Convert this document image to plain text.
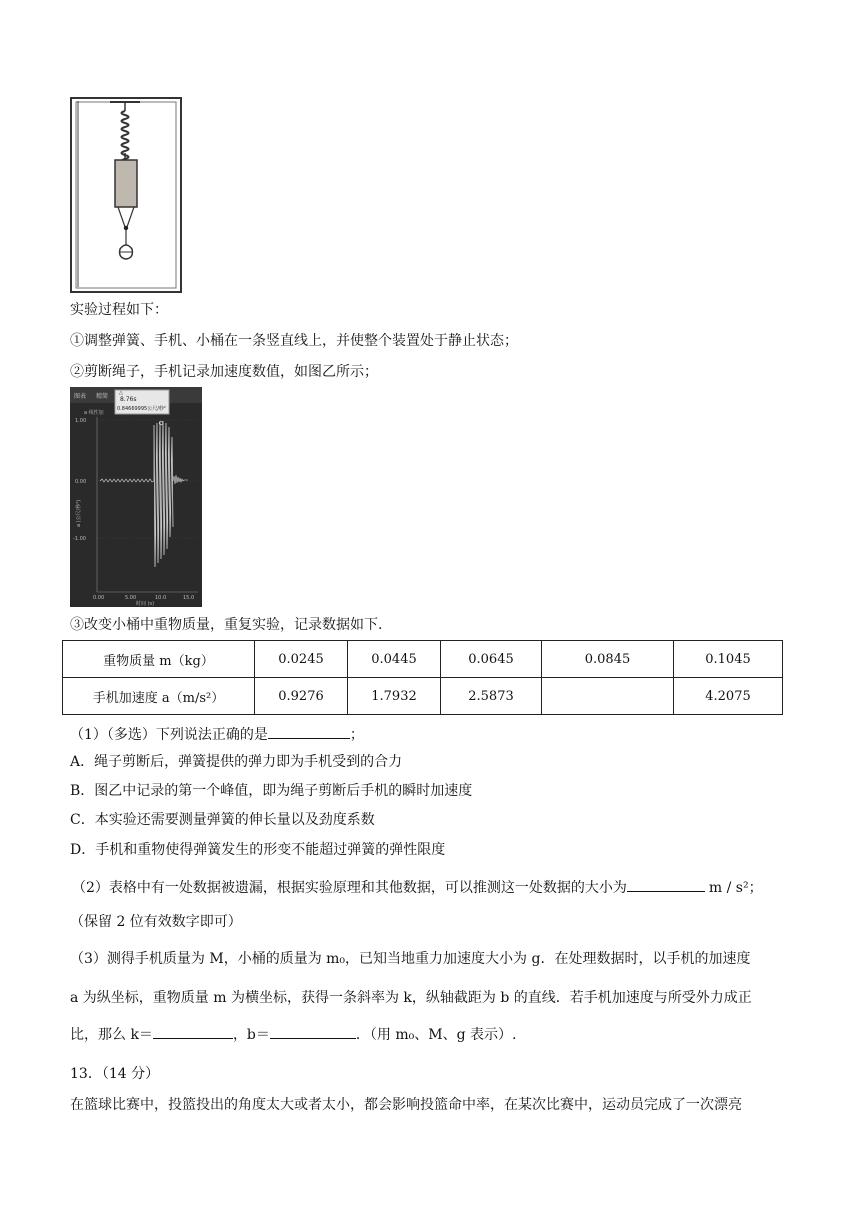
实验过程如下：
①调整弹簧、手机、小桶在一条竖直线上，并使整个装置处于静止状态；
②剪断绳子，手机记录加速度数值，如图乙所示；
图表 精简
a 线性加
△
8.76s
0.84669995公尺/秒²
1.00
0.00
-1.00
a (公尺/秒²)
0.00	5.00	10.0	15.0
时间 (s)
③改变小桶中重物质量，重复实验，记录数据如下.
重物质量 m（kg）	0.0245	0.0445	0.0645	0.0845	0.1045
手机加速度 a（m/s²）	0.9276	1.7932	2.5873		4.2075
（1）（多选）下列说法正确的是	；
A．绳子剪断后，弹簧提供的弹力即为手机受到的合力
B．图乙中记录的第一个峰值，即为绳子剪断后手机的瞬时加速度
C．本实验还需要测量弹簧的伸长量以及劲度系数
D．手机和重物使得弹簧发生的形变不能超过弹簧的弹性限度
（2）表格中有一处数据被遗漏，根据实验原理和其他数据，可以推测这一处数据的大小为	m / s²；
（保留 2 位有效数字即可）
（3）测得手机质量为 M，小桶的质量为 m₀，已知当地重力加速度大小为 g．在处理数据时，以手机的加速度
a 为纵坐标，重物质量 m 为横坐标，获得一条斜率为 k，纵轴截距为 b 的直线．若手机加速度与所受外力成正
比，那么 k＝	，b＝	．（用 m₀、M、g 表示）.
13．（14 分）
在篮球比赛中，投篮投出的角度太大或者太小，都会影响投篮命中率，在某次比赛中，运动员完成了一次漂亮
